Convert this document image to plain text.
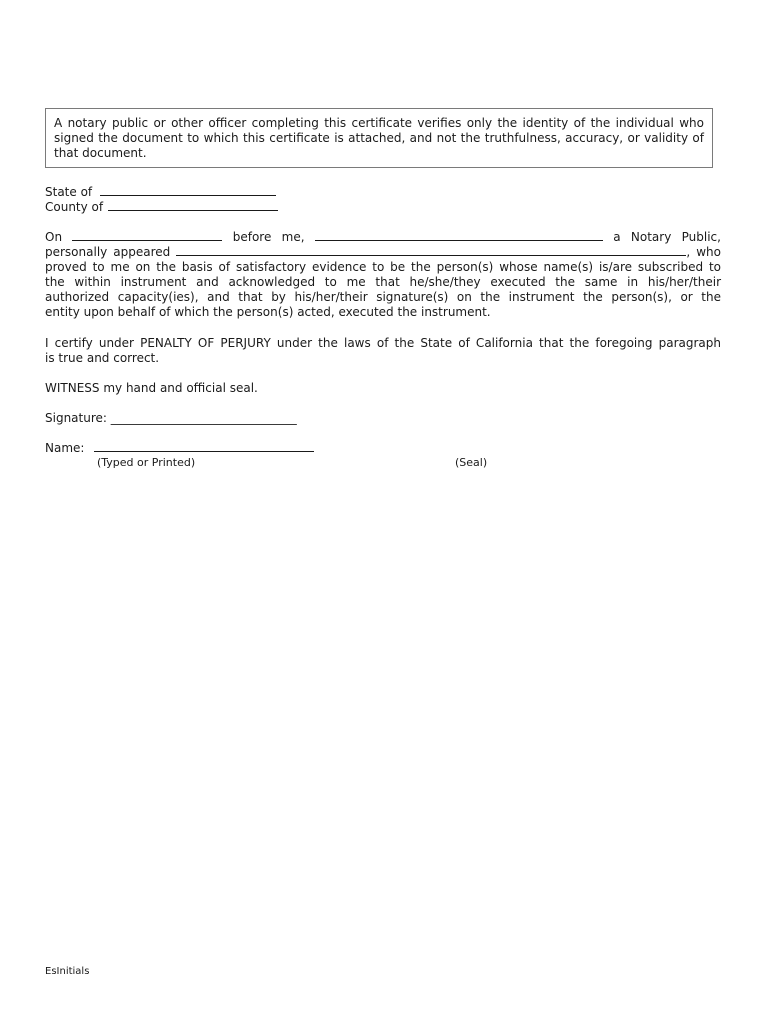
A notary public or other officer completing this certificate verifies only the identity of the individual who signed the document to which this certificate is attached, and not the truthfulness, accuracy, or validity of that document.
State of
County of
On	before me,	a Notary Public,
personally appeared	, who
proved to me on the basis of satisfactory evidence to be the person(s) whose name(s) is/are subscribed to
the within instrument and acknowledged to me that he/she/they executed the same in his/her/their
authorized capacity(ies), and that by his/her/their signature(s) on the instrument the person(s), or the
entity upon behalf of which the person(s) acted, executed the instrument.
I certify under PENALTY OF PERJURY under the laws of the State of California that the foregoing paragraph
is true and correct.
WITNESS my hand and official seal.
Signature: _______________________________
Name:
(Typed or Printed)	(Seal)
EsInitials
